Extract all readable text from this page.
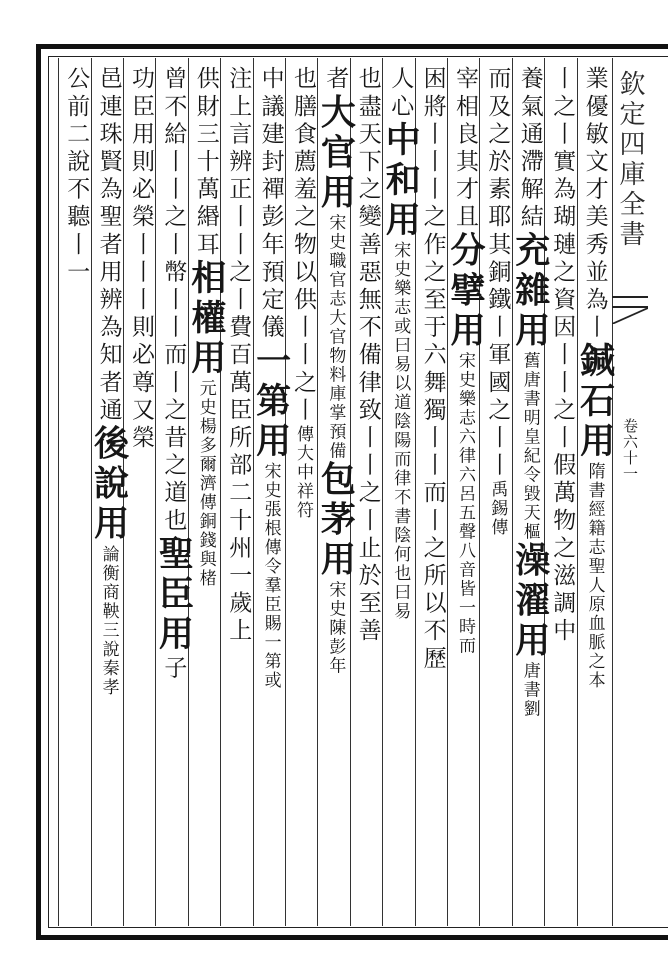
欽定四庫全書
卷六十一
業優敏文才美秀並為丨鍼石用隋書經籍志聖人原血脈之本
丨之丨實為瑚璉之資因丨丨之丨假萬物之滋調中
養氣通滯解結充雜用舊唐書明皇紀令毀天樞澡濯用唐書劉
而及之於素耶其銅鐵丨軍國之丨丨禹錫傳
宰相良其才且分擘用宋史樂志六律六呂五聲八音皆一時而
困將丨丨丨之作之至于六舞獨丨丨而丨之所以不歷
人心中和用宋史樂志或曰易以道陰陽而律不書陰何也曰易
也盡天下之變善惡無不備律致丨丨之丨止於至善
者大官用宋史職官志大官物料庫掌預備包茅用宋史陳彭年
也膳食薦羞之物以供丨丨之丨傳大中祥符
中議建封禪彭年預定儀一第用宋史張根傳令羣臣賜一第或
注上言辨正丨丨之丨費百萬臣所部二十州一歲上
供財三十萬緡耳相權用元史楊多爾濟傳銅錢與楮
曾不給丨丨之丨幣丨丨而丨之昔之道也聖臣用子
功臣用則必榮丨丨丨則必尊又榮
邑連珠賢為聖者用辨為知者通後說用論衡商鞅三說秦孝
公前二說不聽丨一
